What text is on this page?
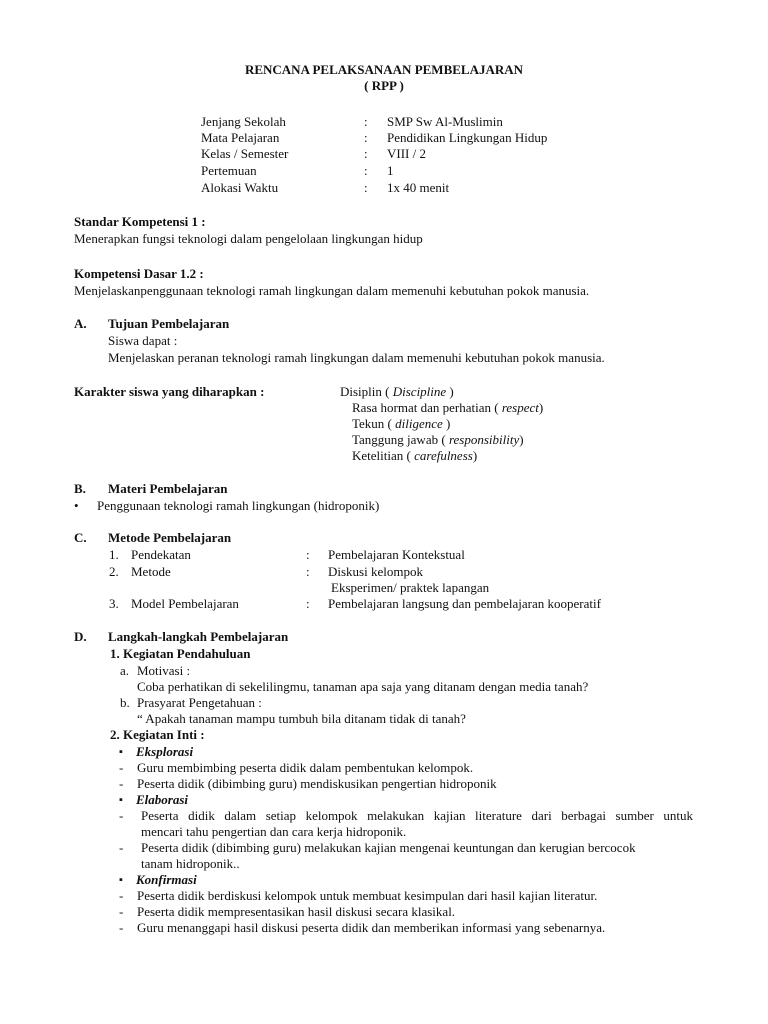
RENCANA PELAKSANAAN PEMBELAJARAN
( RPP )
Jenjang Sekolah	: SMP Sw Al-Muslimin
Mata Pelajaran	: Pendidikan Lingkungan Hidup
Kelas / Semester	: VIII / 2
Pertemuan	: 1
Alokasi Waktu	: 1x 40 menit
Standar Kompetensi 1 :
Menerapkan fungsi teknologi dalam pengelolaan lingkungan hidup
Kompetensi Dasar 1.2 :
Menjelaskanpenggunaan teknologi ramah lingkungan dalam memenuhi kebutuhan pokok manusia.
A. Tujuan Pembelajaran
Siswa dapat :
Menjelaskan peranan teknologi ramah lingkungan dalam memenuhi kebutuhan pokok manusia.
Karakter siswa yang diharapkan :	Disiplin ( Discipline )
Rasa hormat dan perhatian ( respect)
Tekun ( diligence )
Tanggung jawab ( responsibility)
Ketelitian ( carefulness)
B. Materi Pembelajaran
• Penggunaan teknologi ramah lingkungan (hidroponik)
C. Metode Pembelajaran
1. Pendekatan	: Pembelajaran Kontekstual
2. Metode	: Diskusi kelompok
Eksperimen/ praktek lapangan
3. Model Pembelajaran	: Pembelajaran langsung dan pembelajaran kooperatif
D. Langkah-langkah Pembelajaran
1. Kegiatan Pendahuluan
a. Motivasi :
Coba perhatikan di sekelilingmu, tanaman apa saja yang ditanam dengan media tanah?
b. Prasyarat Pengetahuan :
“ Apakah tanaman mampu tumbuh bila ditanam tidak di tanah?
2. Kegiatan Inti :
▪ Eksplorasi
- Guru membimbing peserta didik dalam pembentukan kelompok.
- Peserta didik (dibimbing guru) mendiskusikan pengertian hidroponik
▪ Elaborasi
- Peserta didik dalam setiap kelompok melakukan kajian literature dari berbagai sumber untuk
mencari tahu pengertian dan cara kerja hidroponik.
- Peserta didik (dibimbing guru) melakukan kajian mengenai keuntungan dan kerugian bercocok
tanam hidroponik..
▪ Konfirmasi
- Peserta didik berdiskusi kelompok untuk membuat kesimpulan dari hasil kajian literatur.
- Peserta didik mempresentasikan hasil diskusi secara klasikal.
- Guru menanggapi hasil diskusi peserta didik dan memberikan informasi yang sebenarnya.
